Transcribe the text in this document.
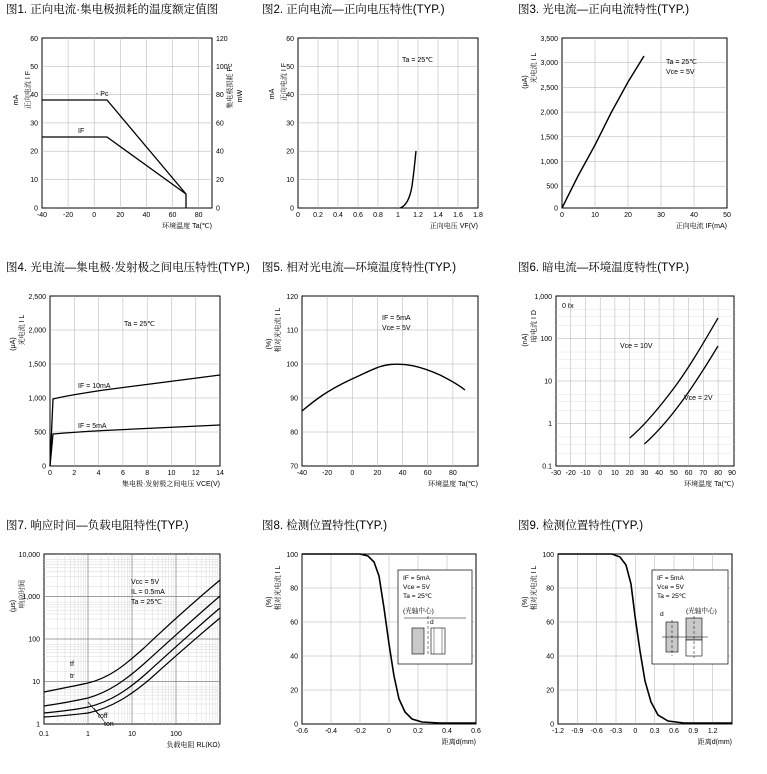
图1. 正向电流·集电极损耗的温度额定值图
- Pc
IF
-40 -20	0	20	40	60	80
0
10
20
30
40
50
60
0
20
40
60
80
100
120
正向电流 I F
mA	集电极损耗 Pc mW
环境温度 Ta(℃)
图2. 正向电流—正向电压特性(TYP.)
Ta = 25℃
0 0.2 0.4 0.6 0.8 1 1.2 1.4 1.6 1.8
0
10
20
30
40
50
60
正向电流 I F
mA
正向电压 VF(V)
图3. 光电流—正向电流特性(TYP.)
Ta = 25℃
Vce = 5V
0	10	20	30	40	50
0
500
1,000
1,500
2,000
2,500
3,000
3,500
光电流 I L
(μA)
正向电流 IF(mA)
图4. 光电流—集电极·发射极之间电压特性(TYP.)
Ta = 25℃
IF = 10mA
IF = 5mA
0	2	4	6	8	10 12 14
0
500
1,000
1,500
2,000
2,500
光电流 I L
(μA)
集电极·发射极之间电压 VCE(V)
图5. 相对光电流—环境温度特性(TYP.)
IF = 5mA
Vce = 5V
-40 -20	0	20 40 60 80
70
80
90
100
110
120
相对光电流 I L
(%)
环境温度 Ta(℃)
图6. 暗电流—环境温度特性(TYP.)
0 ℓx
Vce = 10V
Vce = 2V
-30 -20 -10 0 10 20 30 40 50 60 70 80 90
0.1
1
10
100
1,000
暗电流 I D
(nA)
环境温度 Ta(℃)
图7. 响应时间—负载电阻特性(TYP.)
Vcc = 5V
IL = 0.5mA
Ta = 25℃
tf
tr
toff
ton
0.1	1	10	100
1
10
100
1,000
10,000
响应时间
(μs)
负载电阻 RL(KΩ)
图8. 检测位置特性(TYP.)
IF = 5mA
Vce = 5V
Ta = 25℃
(光轴中心)
d
-0.6 -0.4 -0.2	0	0.2	0.4	0.6
0
20
40
60
80
100
相对光电流 I L
(%)
距离d(mm)
图9. 检测位置特性(TYP.)
IF = 5mA
Vce = 5V
Ta = 25℃
(光轴中心)
d
-1.2 -0.9 -0.6 -0.3 0 0.3 0.6 0.9 1.2
0
20
40
60
80
100
相对光电流 I L
(%)
距离d(mm)
